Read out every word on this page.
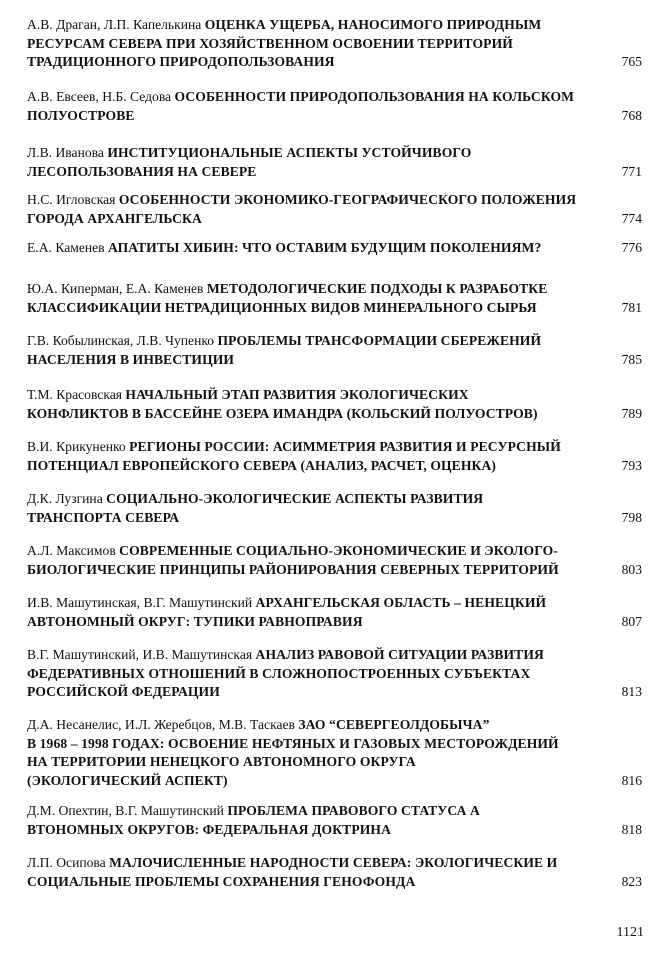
А.В. Драган, Л.П. Капелькина ОЦЕНКА УЩЕРБА, НАНОСИМОГО ПРИРОДНЫМ
РЕСУРСАМ СЕВЕРА ПРИ ХОЗЯЙСТВЕННОМ ОСВОЕНИИ ТЕРРИТОРИЙ
ТРАДИЦИОННОГО ПРИРОДОПОЛЬЗОВАНИЯ	765
А.В. Евсеев, Н.Б. Седова ОСОБЕННОСТИ ПРИРОДОПОЛЬЗОВАНИЯ НА КОЛЬСКОМ
ПОЛУОСТРОВЕ	768
Л.В. Иванова ИНСТИТУЦИОНАЛЬНЫЕ АСПЕКТЫ УСТОЙЧИВОГО
ЛЕСОПОЛЬЗОВАНИЯ НА СЕВЕРЕ	771
Н.С. Игловская ОСОБЕННОСТИ ЭКОНОМИКО-ГЕОГРАФИЧЕСКОГО ПОЛОЖЕНИЯ
ГОРОДА АРХАНГЕЛЬСКА	774
Е.А. Каменев АПАТИТЫ ХИБИН: ЧТО ОСТАВИМ БУДУЩИМ ПОКОЛЕНИЯМ?	776
Ю.А. Киперман, Е.А. Каменев МЕТОДОЛОГИЧЕСКИЕ ПОДХОДЫ К РАЗРАБОТКЕ
КЛАССИФИКАЦИИ НЕТРАДИЦИОННЫХ ВИДОВ МИНЕРАЛЬНОГО СЫРЬЯ	781
Г.В. Кобылинская, Л.В. Чупенко ПРОБЛЕМЫ ТРАНСФОРМАЦИИ СБЕРЕЖЕНИЙ
НАСЕЛЕНИЯ В ИНВЕСТИЦИИ	785
Т.М. Красовская НАЧАЛЬНЫЙ ЭТАП РАЗВИТИЯ ЭКОЛОГИЧЕСКИХ
КОНФЛИКТОВ В БАССЕЙНЕ ОЗЕРА ИМАНДРА (КОЛЬСКИЙ ПОЛУОСТРОВ)	789
В.И. Крикуненко РЕГИОНЫ РОССИИ: АСИММЕТРИЯ РАЗВИТИЯ И РЕСУРСНЫЙ
ПОТЕНЦИАЛ ЕВРОПЕЙСКОГО СЕВЕРА (АНАЛИЗ, РАСЧЕТ, ОЦЕНКА)	793
Д.К. Лузгина СОЦИАЛЬНО-ЭКОЛОГИЧЕСКИЕ АСПЕКТЫ РАЗВИТИЯ
ТРАНСПОРТА СЕВЕРА	798
А.Л. Максимов СОВРЕМЕННЫЕ СОЦИАЛЬНО-ЭКОНОМИЧЕСКИЕ И ЭКОЛОГО-
БИОЛОГИЧЕСКИЕ ПРИНЦИПЫ РАЙОНИРОВАНИЯ СЕВЕРНЫХ ТЕРРИТОРИЙ	803
И.В. Машутинская, В.Г. Машутинский АРХАНГЕЛЬСКАЯ ОБЛАСТЬ – НЕНЕЦКИЙ
АВТОНОМНЫЙ ОКРУГ: ТУПИКИ РАВНОПРАВИЯ	807
В.Г. Машутинский, И.В. Машутинская АНАЛИЗ РАВОВОЙ СИТУАЦИИ РАЗВИТИЯ
ФЕДЕРАТИВНЫХ ОТНОШЕНИЙ В СЛОЖНОПОСТРОЕННЫХ СУБЪЕКТАХ
РОССИЙСКОЙ ФЕДЕРАЦИИ	813
Д.А. Несанелис, И.Л. Жеребцов, М.В. Таскаев ЗАО “СЕВЕРГЕОЛДОБЫЧА”
В 1968 – 1998 ГОДАХ: ОСВОЕНИЕ НЕФТЯНЫХ И ГАЗОВЫХ МЕСТОРОЖДЕНИЙ
НА ТЕРРИТОРИИ НЕНЕЦКОГО АВТОНОМНОГО ОКРУГА
(ЭКОЛОГИЧЕСКИЙ АСПЕКТ)	816
Д.М. Опехтин, В.Г. Машутинский ПРОБЛЕМА ПРАВОВОГО СТАТУСА А
ВТОНОМНЫХ ОКРУГОВ: ФЕДЕРАЛЬНАЯ ДОКТРИНА	818
Л.П. Осипова МАЛОЧИСЛЕННЫЕ НАРОДНОСТИ СЕВЕРА: ЭКОЛОГИЧЕСКИЕ И
СОЦИАЛЬНЫЕ ПРОБЛЕМЫ СОХРАНЕНИЯ ГЕНОФОНДА	823
1121
